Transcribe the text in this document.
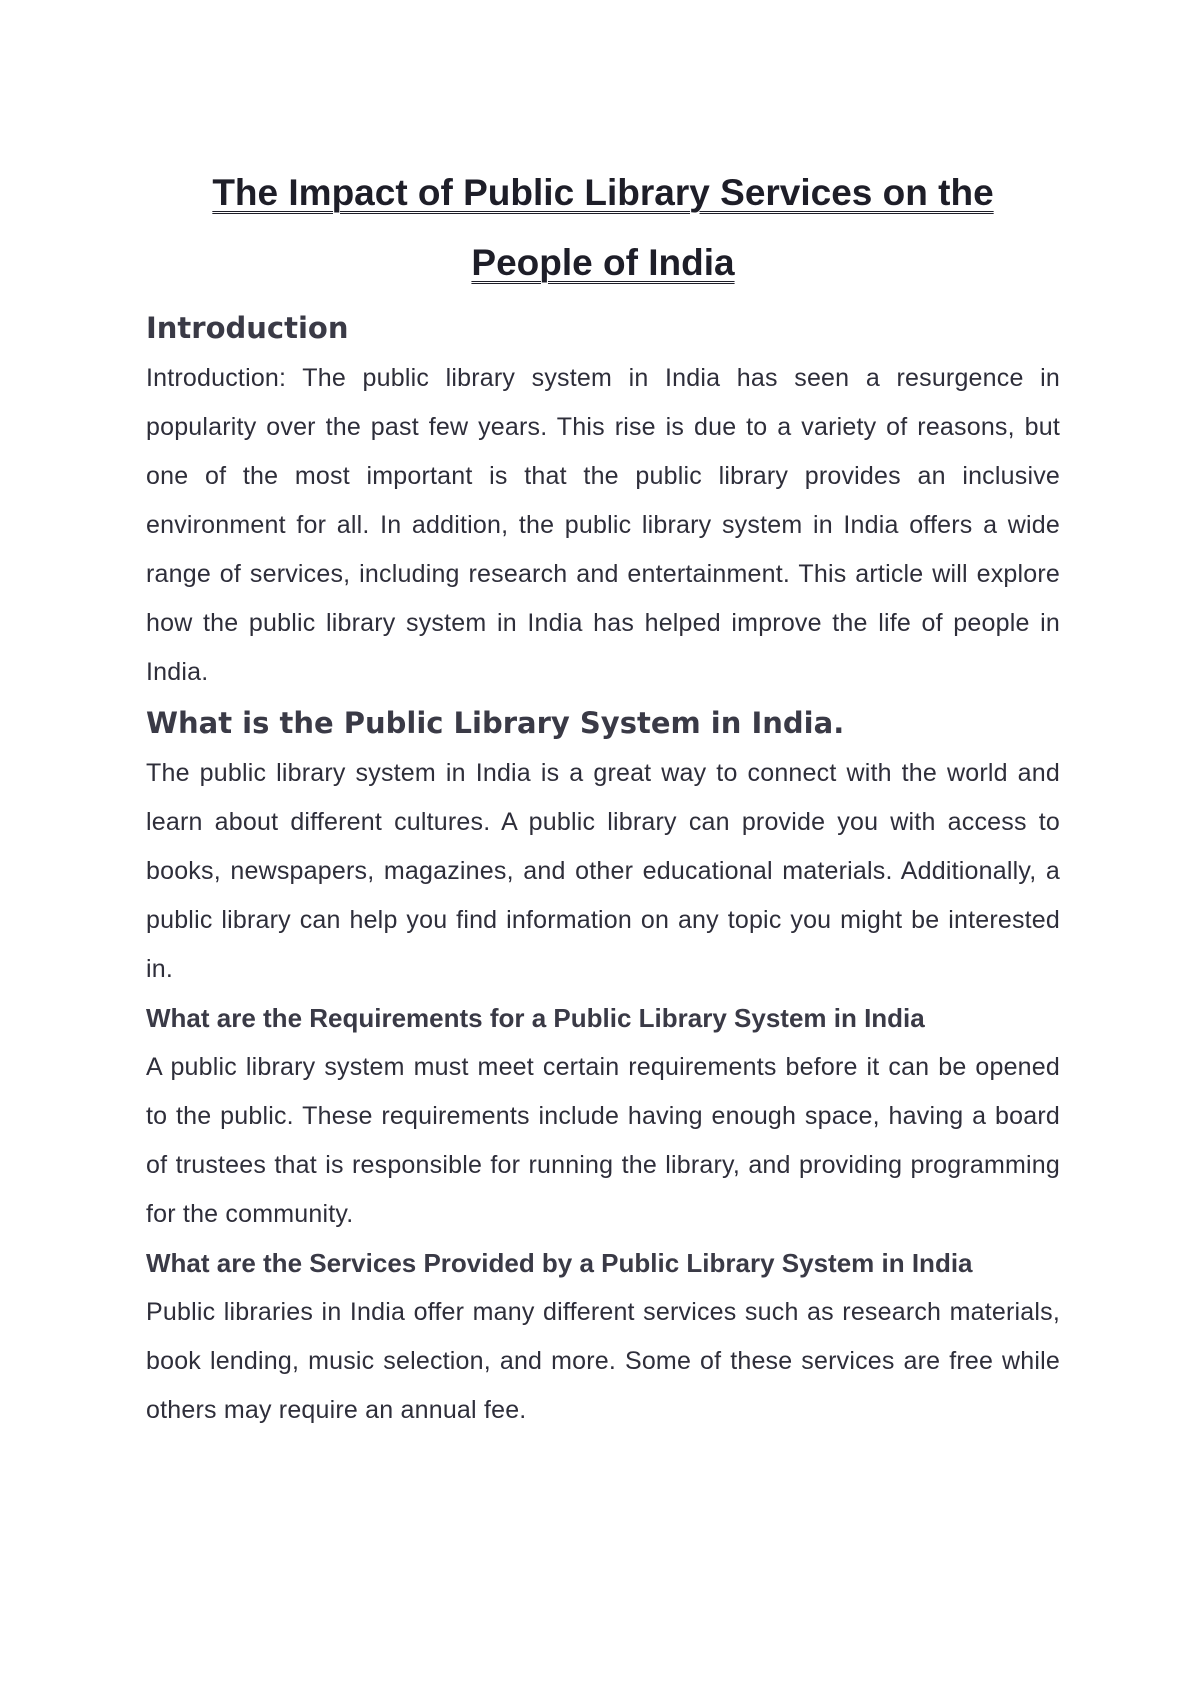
The Impact of Public Library Services on the
People of India
Introduction

Introduction: The public library system in India has seen a resurgence in popularity over the past few years. This rise is due to a variety of reasons, but one of the most important is that the public library provides an inclusive environment for all. In addition, the public library system in India offers a wide range of services, including research and entertainment. This article will explore how the public library system in India has helped improve the life of people in India.

What is the Public Library System in India.

The public library system in India is a great way to connect with the world and learn about different cultures. A public library can provide you with access to books, newspapers, magazines, and other educational materials. Additionally, a public library can help you find information on any topic you might be interested in.

What are the Requirements for a Public Library System in India

A public library system must meet certain requirements before it can be opened to the public. These requirements include having enough space, having a board of trustees that is responsible for running the library, and providing programming for the community.

What are the Services Provided by a Public Library System in India

Public libraries in India offer many different services such as research materials, book lending, music selection, and more. Some of these services are free while others may require an annual fee.
